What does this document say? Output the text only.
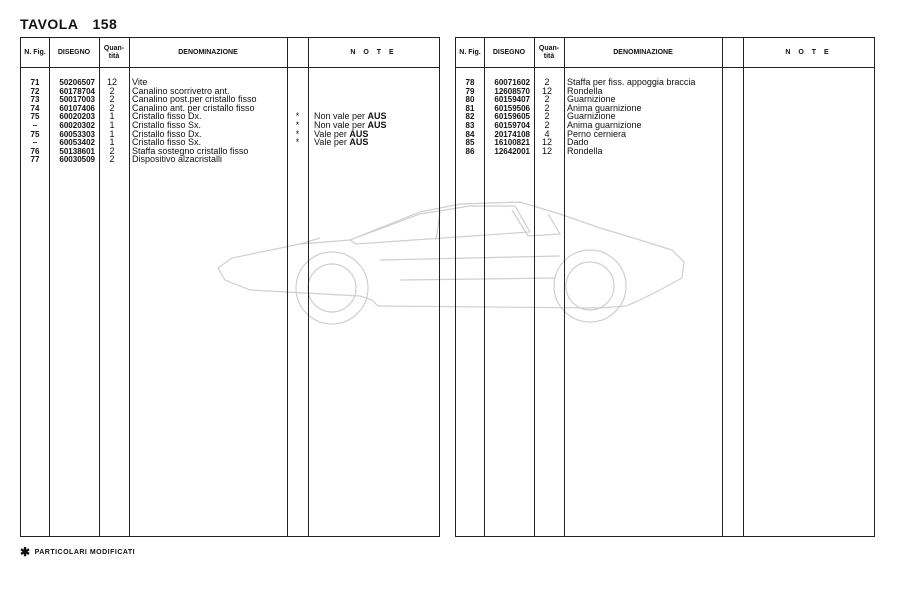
TAVOLA 158
N. Fig.	DISEGNO
Quan- tità
DENOMINAZIONE	N O T E
71	50206507	12	Vite
72	60178704	2	Canalino scorrivetro ant.
73	50017003	2	Canalino post.per cristallo fisso
74	60107406	2	Canalino ant. per cristallo fisso
75	60020203	1	Cristallo fisso Dx.	*	Non vale per AUS
–	60020302	1	Cristallo fisso Sx.	*	Non vale per AUS
75	60053303	1	Cristallo fisso Dx.	*	Vale per AUS
–	60053402	1	Cristallo fisso Sx.	*	Vale per AUS
76	50138601	2	Staffa sostegno cristallo fisso
77	60030509	2	Dispositivo alzacristalli
N. Fig.	DISEGNO
Quan- tità
DENOMINAZIONE	N O T E
78	60071602	2	Staffa per fiss. appoggia braccia
79	12608570	12	Rondella
80	60159407	2	Guarnizione
81	60159506	2	Anima guarnizione
82	60159605	2	Guarnizione
83	60159704	2	Anima guarnizione
84	20174108	4	Perno cerniera
85	16100821	12	Dado
86	12642001	12	Rondella
✱ PARTICOLARI MODIFICATI
